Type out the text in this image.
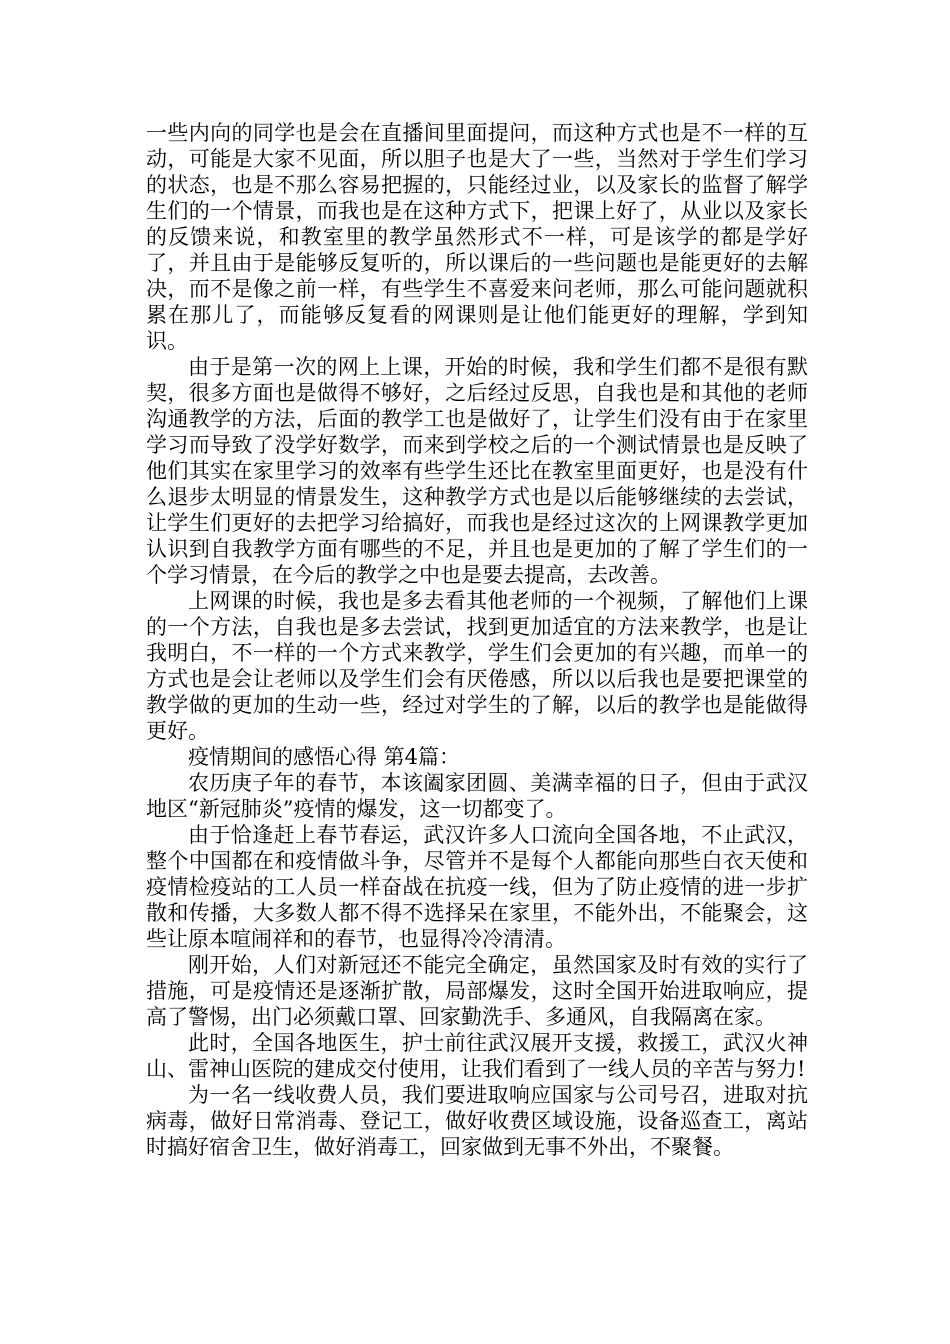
一些内向的同学也是会在直播间里面提问，而这种方式也是不一样的互动，可能是大家不见面，所以胆子也是大了一些，当然对于学生们学习的状态，也是不那么容易把握的，只能经过业，以及家长的监督了解学生们的一个情景，而我也是在这种方式下，把课上好了，从业以及家长的反馈来说，和教室里的教学虽然形式不一样，可是该学的都是学好了，并且由于是能够反复听的，所以课后的一些问题也是能更好的去解决，而不是像之前一样，有些学生不喜爱来问老师，那么可能问题就积累在那儿了，而能够反复看的网课则是让他们能更好的理解，学到知识。

由于是第一次的网上上课，开始的时候，我和学生们都不是很有默契，很多方面也是做得不够好，之后经过反思，自我也是和其他的老师沟通教学的方法，后面的教学工也是做好了，让学生们没有由于在家里学习而导致了没学好数学，而来到学校之后的一个测试情景也是反映了他们其实在家里学习的效率有些学生还比在教室里面更好，也是没有什么退步太明显的情景发生，这种教学方式也是以后能够继续的去尝试，让学生们更好的去把学习给搞好，而我也是经过这次的上网课教学更加认识到自我教学方面有哪些的不足，并且也是更加的了解了学生们的一个学习情景，在今后的教学之中也是要去提高，去改善。

上网课的时候，我也是多去看其他老师的一个视频，了解他们上课的一个方法，自我也是多去尝试，找到更加适宜的方法来教学，也是让我明白，不一样的一个方式来教学，学生们会更加的有兴趣，而单一的方式也是会让老师以及学生们会有厌倦感，所以以后我也是要把课堂的教学做的更加的生动一些，经过对学生的了解，以后的教学也是能做得更好。

疫情期间的感悟心得 第4篇：

农历庚子年的春节，本该阖家团圆、美满幸福的日子，但由于武汉地区“新冠肺炎”疫情的爆发，这一切都变了。

由于恰逢赶上春节春运，武汉许多人口流向全国各地，不止武汉，整个中国都在和疫情做斗争，尽管并不是每个人都能向那些白衣天使和疫情检疫站的工人员一样奋战在抗疫一线，但为了防止疫情的进一步扩散和传播，大多数人都不得不选择呆在家里，不能外出，不能聚会，这些让原本喧闹祥和的春节，也显得冷冷清清。

刚开始，人们对新冠还不能完全确定，虽然国家及时有效的实行了措施，可是疫情还是逐渐扩散，局部爆发，这时全国开始进取响应，提高了警惕，出门必须戴口罩、回家勤洗手、多通风，自我隔离在家。

此时，全国各地医生，护士前往武汉展开支援，救援工，武汉火神山、雷神山医院的建成交付使用，让我们看到了一线人员的辛苦与努力!

为一名一线收费人员，我们要进取响应国家与公司号召，进取对抗病毒，做好日常消毒、登记工，做好收费区域设施，设备巡查工，离站时搞好宿舍卫生，做好消毒工，回家做到无事不外出，不聚餐。
